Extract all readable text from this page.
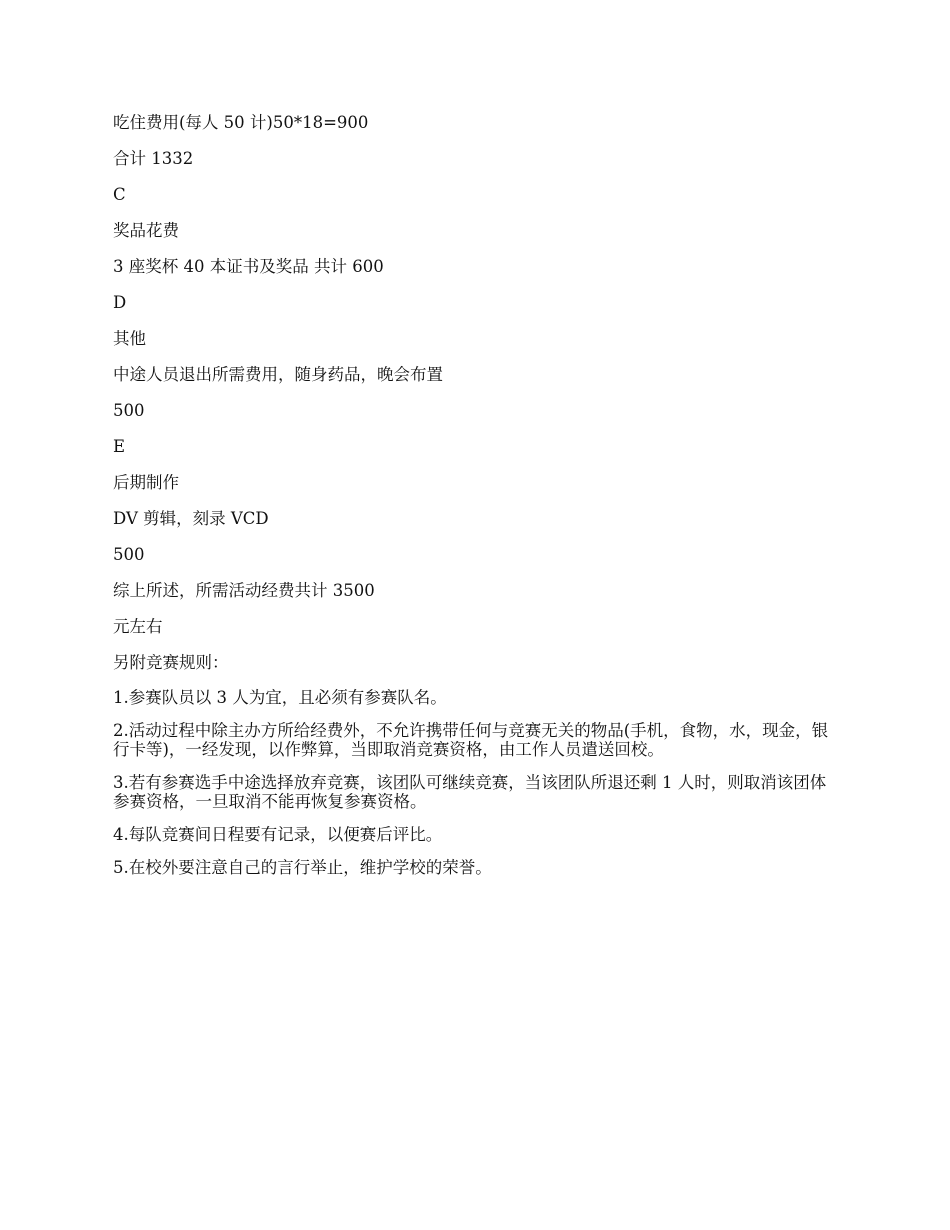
吃住费用(每人 50 计)50*18=900
合计 1332
C
奖品花费
3 座奖杯 40 本证书及奖品 共计 600
D
其他
中途人员退出所需费用，随身药品，晚会布置
500
E
后期制作
DV 剪辑，刻录 VCD
500
综上所述，所需活动经费共计 3500
元左右
另附竞赛规则：
1.参赛队员以 3 人为宜，且必须有参赛队名。
2.活动过程中除主办方所给经费外，不允许携带任何与竞赛无关的物品(手机，食物，水，现金，银行卡等)，一经发现，以作弊算，当即取消竞赛资格，由工作人员遣送回校。
3.若有参赛选手中途选择放弃竞赛，该团队可继续竞赛，当该团队所退还剩 1 人时，则取消该团体参赛资格，一旦取消不能再恢复参赛资格。
4.每队竞赛间日程要有记录，以便赛后评比。
5.在校外要注意自己的言行举止，维护学校的荣誉。
